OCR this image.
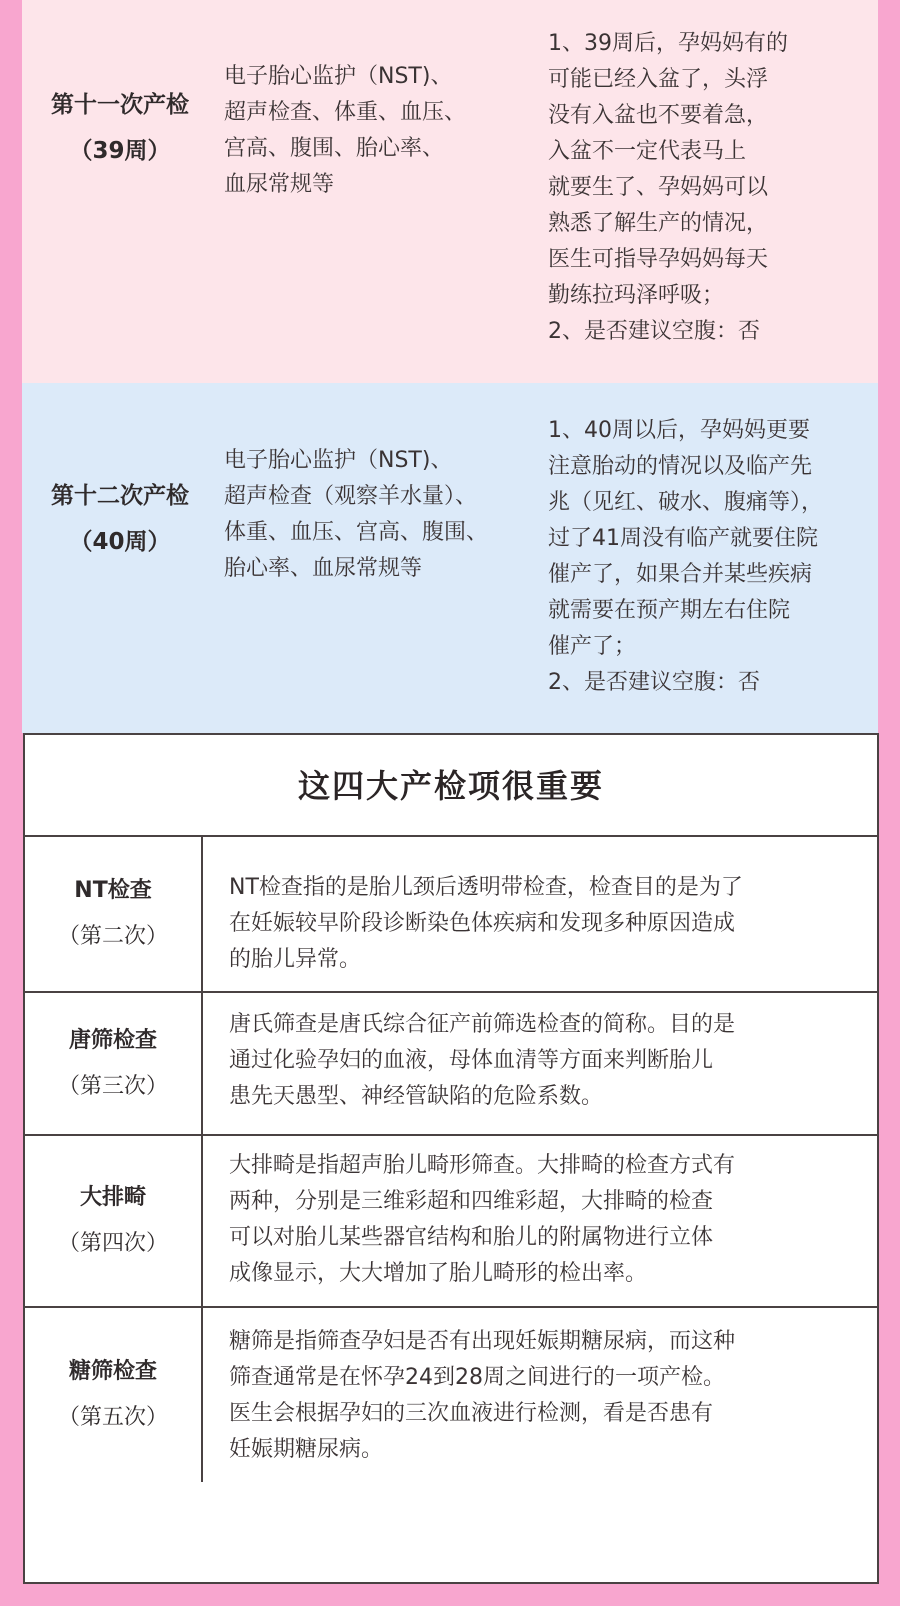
第十一次产检
（39周）
电子胎心监护（NST)、
超声检查、体重、血压、
宫高、腹围、胎心率、
血尿常规等
1、39周后，孕妈妈有的
可能已经入盆了，头浮
没有入盆也不要着急，
入盆不一定代表马上
就要生了、孕妈妈可以
熟悉了解生产的情况，
医生可指导孕妈妈每天
勤练拉玛泽呼吸；
2、是否建议空腹：否
第十二次产检
（40周）
电子胎心监护（NST)、
超声检查（观察羊水量）、
体重、血压、宫高、腹围、
胎心率、血尿常规等
1、40周以后，孕妈妈更要
注意胎动的情况以及临产先
兆（见红、破水、腹痛等），
过了41周没有临产就要住院
催产了，如果合并某些疾病
就需要在预产期左右住院
催产了；
2、是否建议空腹：否
这四大产检项很重要
NT检查
（第二次）
NT检查指的是胎儿颈后透明带检查，检查目的是为了
在妊娠较早阶段诊断染色体疾病和发现多种原因造成
的胎儿异常。
唐筛检查
（第三次）
唐氏筛查是唐氏综合征产前筛选检查的简称。目的是
通过化验孕妇的血液，母体血清等方面来判断胎儿
患先天愚型、神经管缺陷的危险系数。
大排畸
（第四次）
大排畸是指超声胎儿畸形筛查。大排畸的检查方式有
两种，分别是三维彩超和四维彩超，大排畸的检查
可以对胎儿某些器官结构和胎儿的附属物进行立体
成像显示，大大增加了胎儿畸形的检出率。
糖筛检查
（第五次）
糖筛是指筛查孕妇是否有出现妊娠期糖尿病，而这种
筛查通常是在怀孕24到28周之间进行的一项产检。
医生会根据孕妇的三次血液进行检测，看是否患有
妊娠期糖尿病。
